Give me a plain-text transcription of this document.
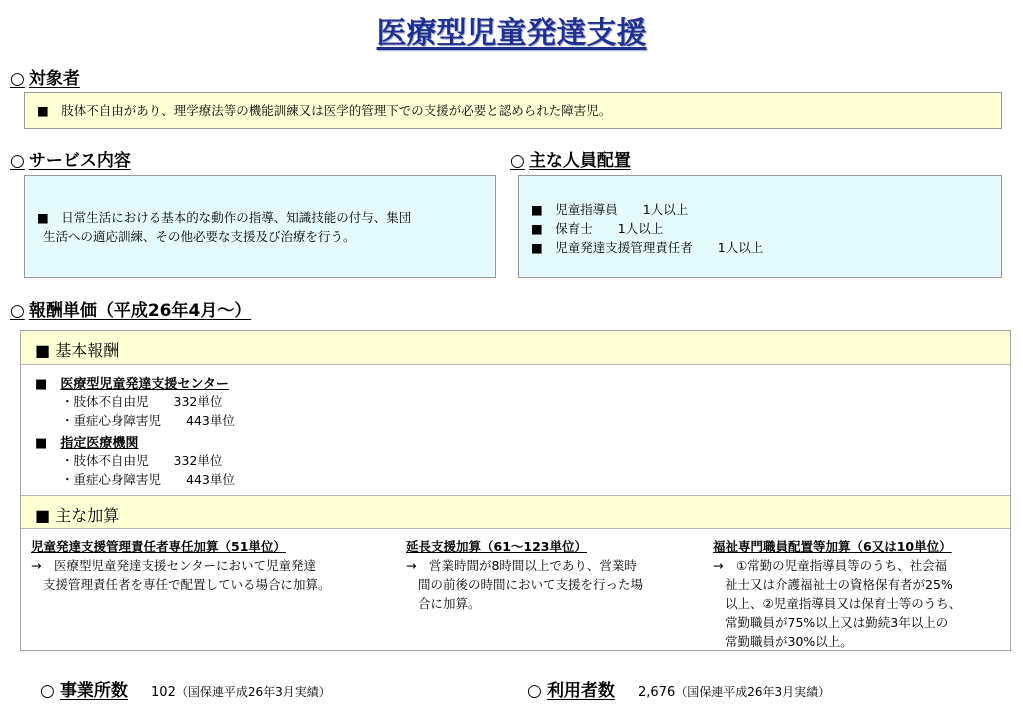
医療型児童発達支援
○ 対象者
■　肢体不自由があり、理学療法等の機能訓練又は医学的管理下での支援が必要と認められた障害児。
○ サービス内容
■　日常生活における基本的な動作の指導、知識技能の付与、集団
生活への適応訓練、その他必要な支援及び治療を行う。
○ 主な人員配置
■　児童指導員　　1人以上
■　保育士　　1人以上
■　児童発達支援管理責任者　　1人以上
○ 報酬単価（平成26年4月～）
■ 基本報酬
■ 医療型児童発達支援センター
・肢体不自由児　　332単位
・重症心身障害児　　443単位
■ 指定医療機関
・肢体不自由児　　332単位
・重症心身障害児　　443単位
■ 主な加算
児童発達支援管理責任者専任加算（51単位）
→　医療型児童発達支援センターにおいて児童発達
支援管理責任者を専任で配置している場合に加算。
延長支援加算（61～123単位）
→　営業時間が8時間以上であり、営業時
間の前後の時間において支援を行った場
合に加算。
福祉専門職員配置等加算（6又は10単位）
→　①常勤の児童指導員等のうち、社会福
祉士又は介護福祉士の資格保有者が25%
以上、②児童指導員又は保育士等のうち、
常勤職員が75%以上又は勤続3年以上の
常勤職員が30%以上。
○ 事業所数 102（国保連平成26年3月実績）	○ 利用者数 2,676（国保連平成26年3月実績）
